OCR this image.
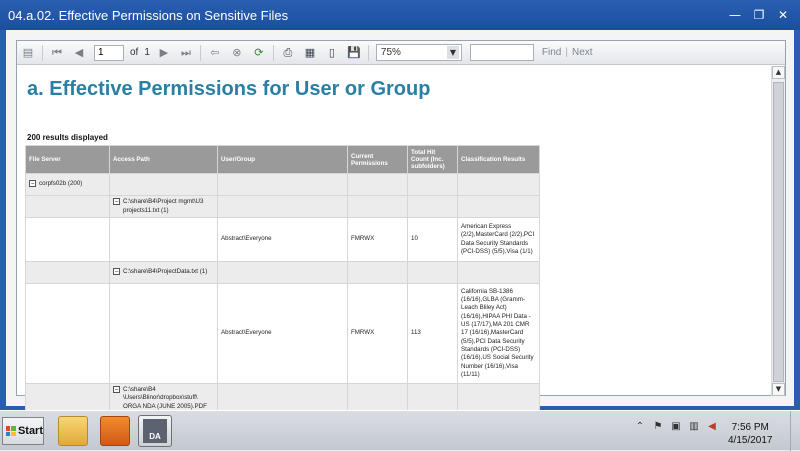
04.a.02. Effective Permissions on Sensitive Files	— ❐ ✕
▤ ⏮	◀
1	of 1 ▶	⏭	⇦	⊗	⟳	⎙	▦	▯	💾 75%	▼	Find | Next
a. Effective Permissions for User or Group
200 results displayed
File Server	Access Path	User/Group	Current Permissions	Total Hit Count (Inc. subfolders)	Classification Results
− corpfs02b (200)					

	− C:\share\B4\Project mgmt\U3 projects11.txt (1)				

		Abstract\Everyone	FMRWX	10	American Express (2/2),MasterCard (2/2),PCI Data Security Standards (PCI-DSS) (5/5),Visa (1/1)

	− C:\share\B4\ProjectData.txt (1)				

		Abstract\Everyone	FMRWX	113	California SB-1386 (16/16),GLBA (Gramm-Leach Bliley Act) (16/16),HIPAA PHI Data - US (17/17),MA 201 CMR 17 (16/16),MasterCard (5/5),PCI Data Security Standards (PCI-DSS) (16/16),US Social Security Number (16/16),Visa (11/11)

	− C:\share\B4 \Users\Blinor\dropbox\stuff\ ORGA NDA (JUNE 2005).PDF				

▲
▼
Start	DA
⌃ ⚑ ▣ ▥ ◀	7:56 PM
4/15/2017
